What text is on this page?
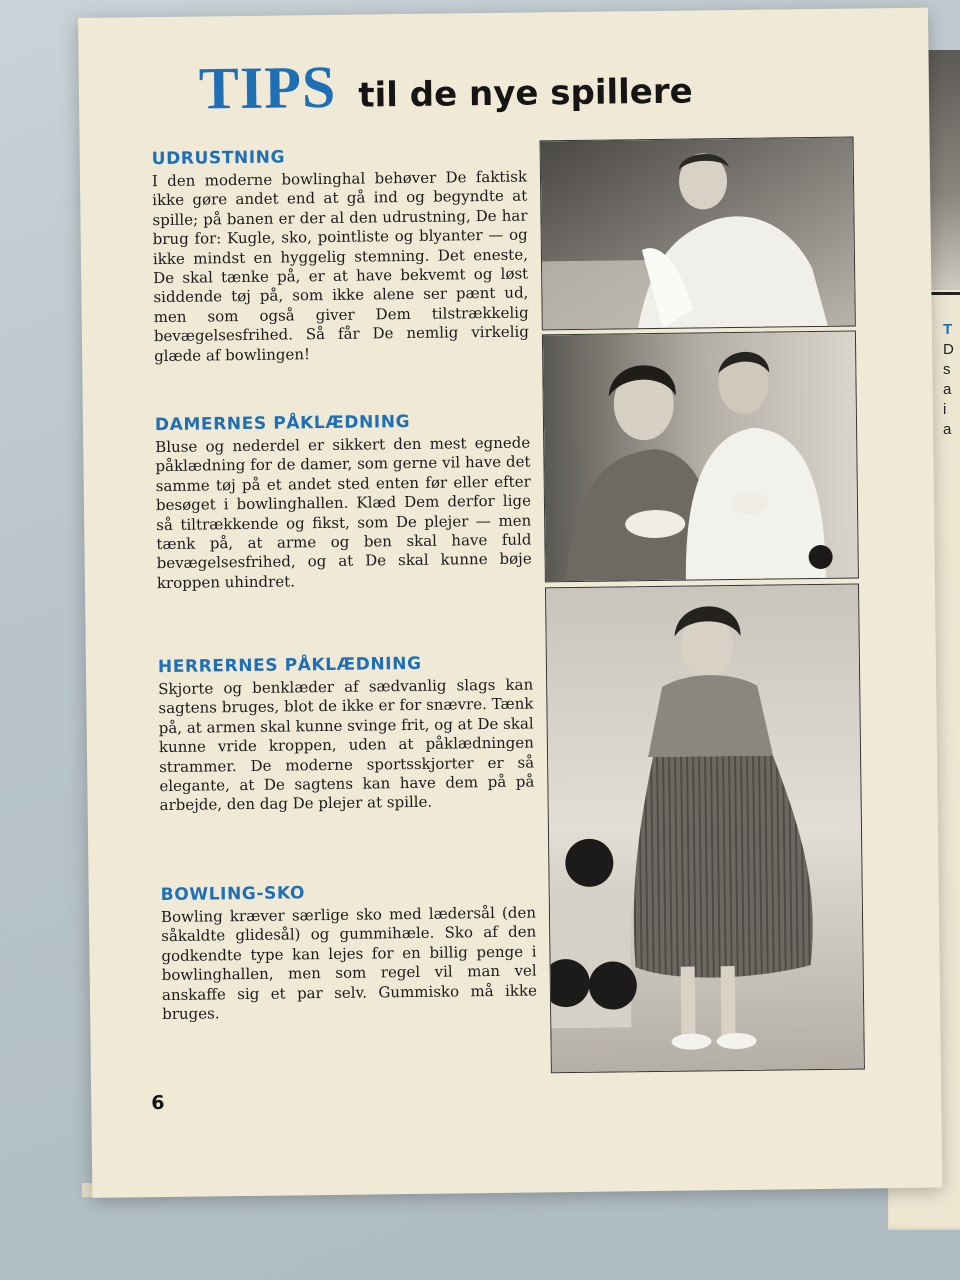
T
D
s
a
i
a
TIPS til de nye spillere
UDRUSTNING
I den moderne bowlinghal behøver De faktisk ikke gøre andet end at gå ind og begyndte at spille; på banen er der al den udrustning, De har brug for: Kugle, sko, pointliste og blyanter — og ikke mindst en hyggelig stemning. Det eneste, De skal tænke på, er at have bekvemt og løst siddende tøj på, som ikke alene ser pænt ud, men som også giver Dem tilstrækkelig bevægelsesfrihed. Så får De nemlig virkelig glæde af bowlingen!
DAMERNES PÅKLÆDNING
Bluse og nederdel er sikkert den mest egnede påklædning for de damer, som gerne vil have det samme tøj på et andet sted enten før eller efter besøget i bowlinghallen. Klæd Dem derfor lige så tiltrækkende og fikst, som De plejer — men tænk på, at arme og ben skal have fuld bevægelsesfrihed, og at De skal kunne bøje kroppen uhindret.
HERRERNES PÅKLÆDNING
Skjorte og benklæder af sædvanlig slags kan sagtens bruges, blot de ikke er for snævre. Tænk på, at armen skal kunne svinge frit, og at De skal kunne vride kroppen, uden at påklædningen strammer. De moderne sportsskjorter er så elegante, at De sagtens kan have dem på på arbejde, den dag De plejer at spille.
BOWLING-SKO
Bowling kræver særlige sko med lædersål (den såkaldte glidesål) og gummihæle. Sko af den godkendte type kan lejes for en billig penge i bowlinghallen, men som regel vil man vel anskaffe sig et par selv. Gummisko må ikke bruges.
6
